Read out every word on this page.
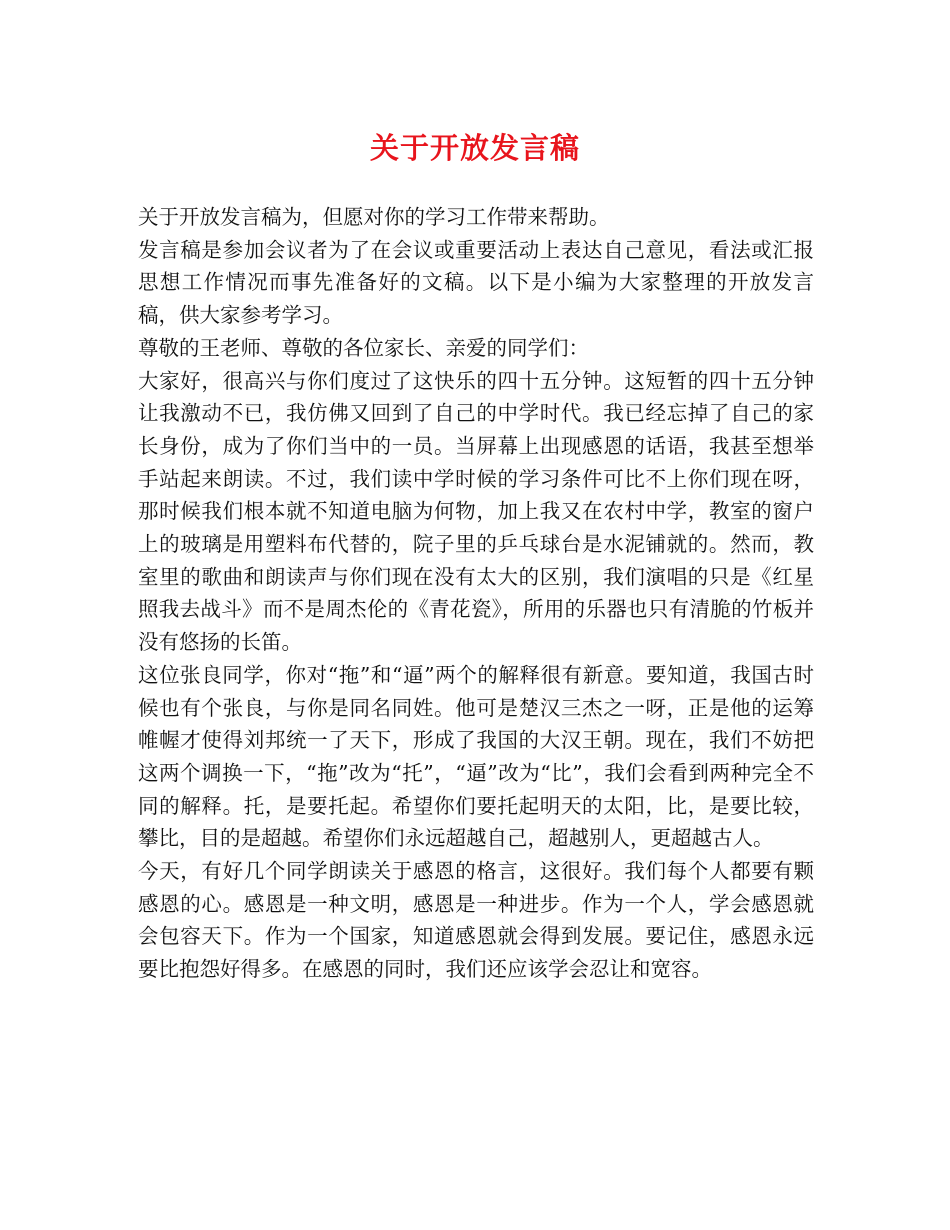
关于开放发言稿

关于开放发言稿为，但愿对你的学习工作带来帮助。

发言稿是参加会议者为了在会议或重要活动上表达自己意见，看法或汇报思想工作情况而事先准备好的文稿。以下是小编为大家整理的开放发言稿，供大家参考学习。

尊敬的王老师、尊敬的各位家长、亲爱的同学们：

大家好，很高兴与你们度过了这快乐的四十五分钟。这短暂的四十五分钟让我激动不已，我仿佛又回到了自己的中学时代。我已经忘掉了自己的家长身份，成为了你们当中的一员。当屏幕上出现感恩的话语，我甚至想举手站起来朗读。不过，我们读中学时候的学习条件可比不上你们现在呀，那时候我们根本就不知道电脑为何物，加上我又在农村中学，教室的窗户上的玻璃是用塑料布代替的，院子里的乒乓球台是水泥铺就的。然而，教室里的歌曲和朗读声与你们现在没有太大的区别，我们演唱的只是《红星照我去战斗》而不是周杰伦的《青花瓷》，所用的乐器也只有清脆的竹板并没有悠扬的长笛。

这位张良同学，你对“拖”和“逼”两个的解释很有新意。要知道，我国古时候也有个张良，与你是同名同姓。他可是楚汉三杰之一呀，正是他的运筹帷幄才使得刘邦统一了天下，形成了我国的大汉王朝。现在，我们不妨把这两个调换一下，“拖”改为“托”，“逼”改为“比”，我们会看到两种完全不同的解释。托，是要托起。希望你们要托起明天的太阳，比，是要比较，攀比，目的是超越。希望你们永远超越自己，超越别人，更超越古人。

今天，有好几个同学朗读关于感恩的格言，这很好。我们每个人都要有颗感恩的心。感恩是一种文明，感恩是一种进步。作为一个人，学会感恩就会包容天下。作为一个国家，知道感恩就会得到发展。要记住，感恩永远要比抱怨好得多。在感恩的同时，我们还应该学会忍让和宽容。
